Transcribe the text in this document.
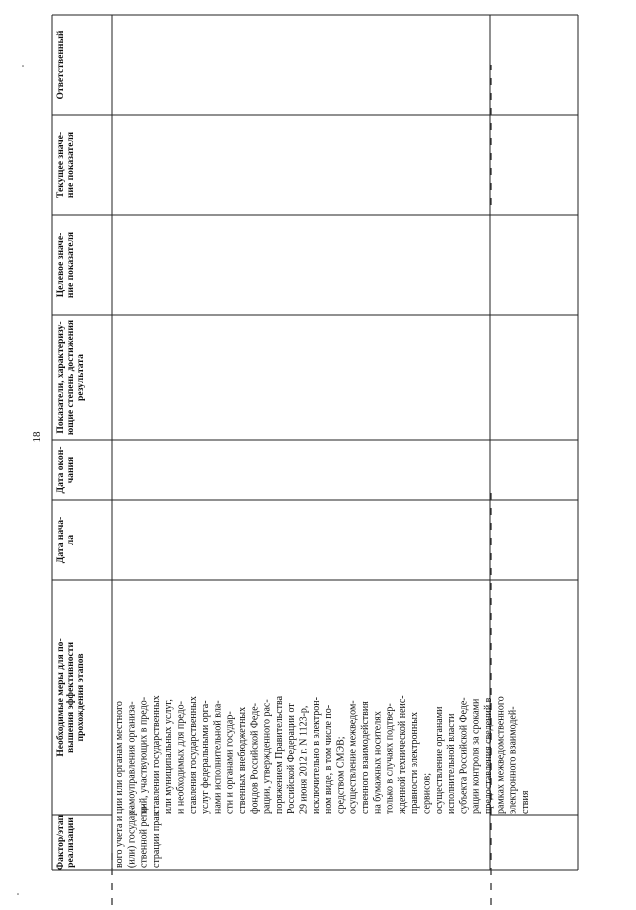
Фактор/этап реализации
Необходимые меры для по- вышения эффективности прохождения этапов
Дата нача- ла
Дата окон- чания
Показатели, характеризу- ющие степень достижения результата
Целевое значе- ние показателя
Текущее значе- ние показателя
Ответственный
вого учета и (или) государ- ственной реги- страции прав
ции или органам местного самоуправления организа- ций, участвующих в предо- ставлении государственных или муниципальных услуг, и необходимых для предо- ставления государственных услуг федеральными орга- нами исполнительной вла- сти и органами государ- ственных внебюджетных фондов Российской Феде- рации, утвержденного рас- поряжением Правительства Российской Федерации от 29 июня 2012 г. N 1123-р, исключительно в электрон- ном виде, в том числе по- средством СМЭВ; осуществление межведом- ственного взаимодействия на бумажных носителях только в случаях подтвер- жденной технической неис- правности электронных сервисов; осуществление органами исполнительной власти субъекта Российской Феде- рации контроля за сроками предоставления сведений в рамках межведомственного электронного взаимодей- ствия
18
